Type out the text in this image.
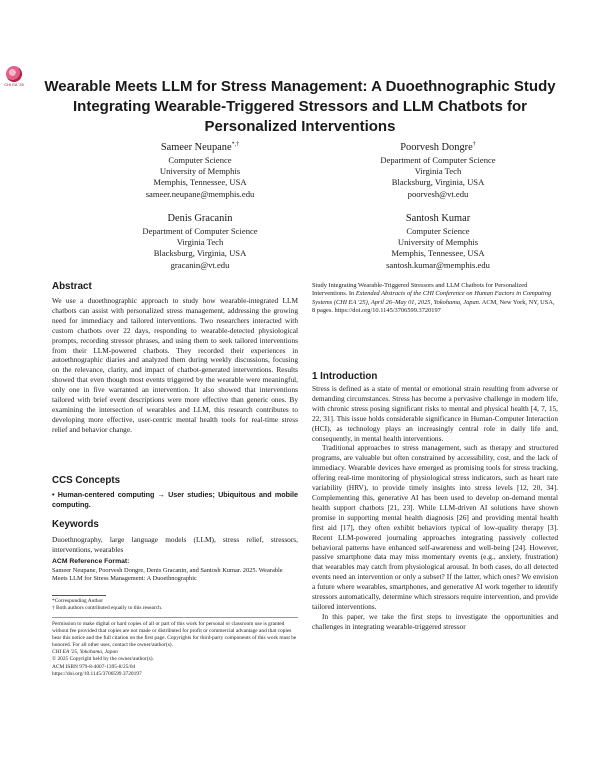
CHI EA '25 Wearable Meets LLM for Stress Management: A Duoethnographic Study Integrating Wearable-Triggered Stressors and LLM Chatbots for Personalized Interventions
Sameer Neupane*,†
Computer Science
University of Memphis
Memphis, Tennessee, USA
sameer.neupane@memphis.edu
Poorvesh Dongre†
Department of Computer Science
Virginia Tech
Blacksburg, Virginia, USA
poorvesh@vt.edu
Denis Gracanin
Department of Computer Science
Virginia Tech
Blacksburg, Virginia, USA
gracanin@vt.edu
Santosh Kumar
Computer Science
University of Memphis
Memphis, Tennessee, USA
santosh.kumar@memphis.edu
Abstract

We use a duoethnographic approach to study how wearable-integrated LLM chatbots can assist with personalized stress management, addressing the growing need for immediacy and tailored interventions. Two researchers interacted with custom chatbots over 22 days, responding to wearable-detected physiological prompts, recording stressor phrases, and using them to seek tailored interventions from their LLM-powered chatbots. They recorded their experiences in autoethnographic diaries and analyzed them during weekly discussions, focusing on the relevance, clarity, and impact of chatbot-generated interventions. Results showed that even though most events triggered by the wearable were meaningful, only one in five warranted an intervention. It also showed that interventions tailored with brief event descriptions were more effective than generic ones. By examining the intersection of wearables and LLM, this research contributes to developing more effective, user-centric mental health tools for real-time stress relief and behavior change.

CCS Concepts

• Human-centered computing → User studies; Ubiquitous and mobile computing.

Keywords

Duoethnography, large language models (LLM), stress relief, stressors, interventions, wearables

ACM Reference Format:

Sameer Neupane, Poorvesh Dongre, Denis Gracanin, and Santosh Kumar. 2025. Wearable Meets LLM for Stress Management: A Duoethnographic

*Corresponding Author

† Both authors contributed equally to this research.

Permission to make digital or hard copies of all or part of this work for personal or classroom use is granted without fee provided that copies are not made or distributed for profit or commercial advantage and that copies bear this notice and the full citation on the first page. Copyrights for third-party components of this work must be honored. For all other uses, contact the owner/author(s).

CHI EA '25, Yokohama, Japan

© 2025 Copyright held by the owner/author(s).

ACM ISBN 979-8-4007-1395-8/25/04

https://doi.org/10.1145/3706599.3720197

Study Integrating Wearable-Triggered Stressors and LLM Chatbots for Personalized Interventions. In Extended Abstracts of the CHI Conference on Human Factors in Computing Systems (CHI EA '25), April 26–May 01, 2025, Yokohama, Japan. ACM, New York, NY, USA, 8 pages. https://doi.org/10.1145/3706599.3720197

1 Introduction

Stress is defined as a state of mental or emotional strain resulting from adverse or demanding circumstances. Stress has become a pervasive challenge in modern life, with chronic stress posing significant risks to mental and physical health [4, 7, 15, 22, 31]. This issue holds considerable significance in Human-Computer Interaction (HCI), as technology plays an increasingly central role in daily life and, consequently, in mental health interventions.

Traditional approaches to stress management, such as therapy and structured programs, are valuable but often constrained by accessibility, cost, and the lack of immediacy. Wearable devices have emerged as promising tools for stress tracking, offering real-time monitoring of physiological stress indicators, such as heart rate variability (HRV), to provide timely insights into stress levels [12, 20, 34]. Complementing this, generative AI has been used to develop on-demand mental health support chatbots [21, 23]. While LLM-driven AI solutions have shown promise in supporting mental health diagnosis [26] and providing mental health first aid [17], they often exhibit behaviors typical of low-quality therapy [3]. Recent LLM-powered journaling approaches integrating passively collected behavioral patterns have enhanced self-awareness and well-being [24]. However, passive smartphone data may miss momentary events (e.g., anxiety, frustration) that wearables may catch from physiological arousal. In both cases, do all detected events need an intervention or only a subset? If the latter, which ones? We envision a future where wearables, smartphones, and generative AI work together to identify stressors automatically, determine which stressors require intervention, and provide tailored interventions.

In this paper, we take the first steps to investigate the opportunities and challenges in integrating wearable-triggered stressor
